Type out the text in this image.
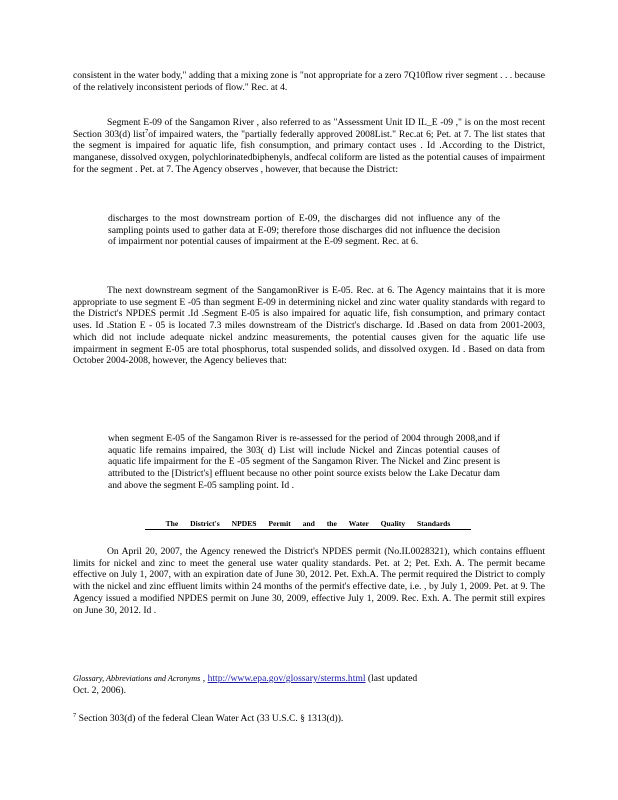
consistent in the water body," adding that a mixing zone is "not appropriate for a zero 7Q10flow river segment . . . because of the relatively inconsistent periods of flow." Rec. at 4.

Segment E-09 of the Sangamon River , also referred to as "Assessment Unit ID IL_E -09 ," is on the most recent Section 303(d) list$^7$of impaired waters, the "partially federally approved 2008List." Rec.at 6; Pet. at 7. The list states that the segment is impaired for aquatic life, fish consumption, and primary contact uses . Id .According to the District, manganese, dissolved oxygen, polychlorinatedbiphenyls, andfecal coliform are listed as the potential causes of impairment for the segment . Pet. at 7. The Agency observes , however, that because the District:

discharges to the most downstream portion of E-09, the discharges did not influence any of the sampling points used to gather data at E-09; therefore those discharges did not influence the decision of impairment nor potential causes of impairment at the E-09 segment. Rec. at 6.

The next downstream segment of the SangamonRiver is E-05. Rec. at 6. The Agency maintains that it is more appropriate to use segment E -05 than segment E-09 in determining nickel and zinc water quality standards with regard to the District's NPDES permit .Id .Segment E-05 is also impaired for aquatic life, fish consumption, and primary contact uses. Id .Station E - 05 is located 7.3 miles downstream of the District's discharge. Id .Based on data from 2001-2003, which did not include adequate nickel andzinc measurements, the potential causes given for the aquatic life use impairment in segment E-05 are total phosphorus, total suspended solids, and dissolved oxygen. Id . Based on data from October 2004-2008, however, the Agency believes that:

when segment E-05 of the Sangamon River is re-assessed for the period of 2004 through 2008,and if aquatic life remains impaired, the 303( d) List will include Nickel and Zincas potential causes of aquatic life impairment for the E -05 segment of the Sangamon River. The Nickel and Zinc present is attributed to the [District's] effluent because no other point source exists below the Lake Decatur dam and above the segment E-05 sampling point. Id .

The District's NPDES Permit and the Water Quality Standards

On April 20, 2007, the Agency renewed the District's NPDES permit (No.IL0028321), which contains effluent limits for nickel and zinc to meet the general use water quality standards. Pet. at 2; Pet. Exh. A. The permit became effective on July 1, 2007, with an expiration date of June 30, 2012. Pet. Exh.A. The permit required the District to comply with the nickel and zinc effluent limits within 24 months of the permit's effective date, i.e. , by July 1, 2009. Pet. at 9. The Agency issued a modified NPDES permit on June 30, 2009, effective July 1, 2009. Rec. Exh. A. The permit still expires on June 30, 2012. Id .

Glossary, Abbreviations and Acronyms , http://www.epa.gov/glossary/sterms.html (last updated
Oct. 2, 2006).

$^7$ Section 303(d) of the federal Clean Water Act (33 U.S.C. § 1313(d)).
